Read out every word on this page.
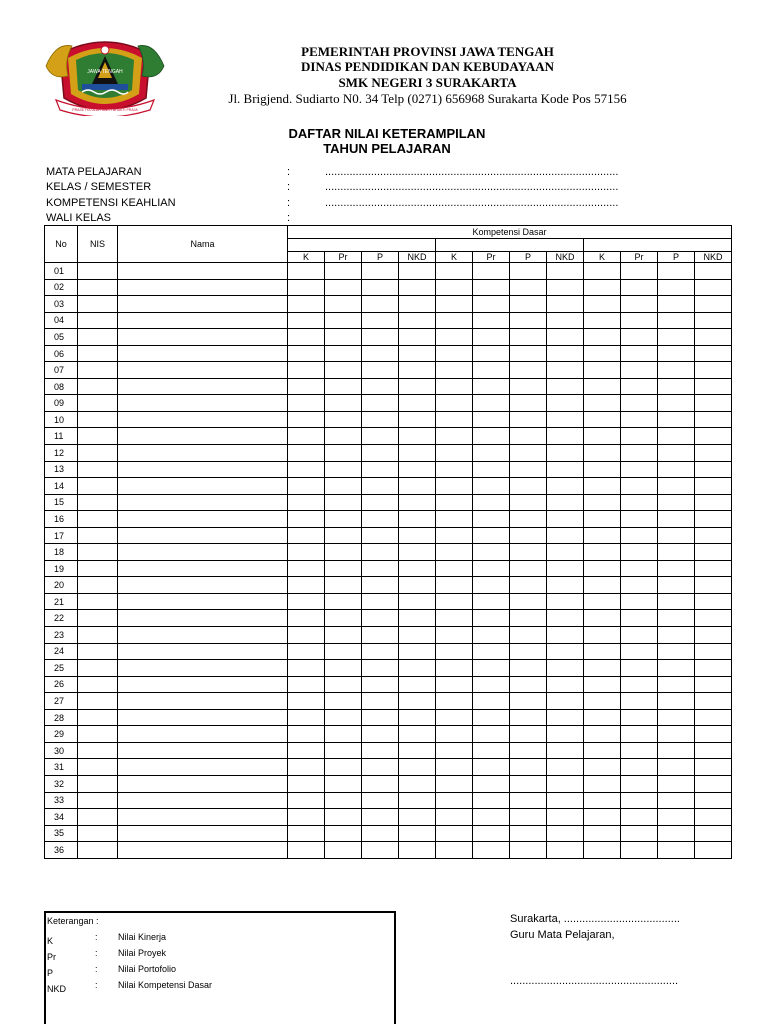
JAWA TENGAH
PRASETYA ULAH SAKTI BHAKTI PRAJA
PEMERINTAH PROVINSI JAWA TENGAH
DINAS PENDIDIKAN DAN KEBUDAYAAN
SMK NEGERI 3 SURAKARTA
Jl. Brigjend. Sudiarto N0. 34 Telp (0271) 656968 Surakarta Kode Pos 57156
DAFTAR NILAI KETERAMPILAN
TAHUN PELAJARAN
MATA PELAJARAN	:	................................................................................................
KELAS / SEMESTER	:	................................................................................................
KOMPETENSI KEAHLIAN	:	................................................................................................
WALI KELAS	:
No	NIS	Nama	Kompetensi Dasar											

			K	Pr	P	NKD	K	Pr	P	NKD	K	Pr	P	NKD
01														
02														
03														
04														
05														
06														
07														
08														
09														
10														
11														
12														
13														
14														
15														
16														
17														
18														
19														
20														
21														
22														
23														
24														
25														
26														
27														
28														
29														
30														
31														
32														
33														
34														
35														
36														
Keterangan :
K	: Nilai Kinerja
Pr	: Nilai Proyek
P	: Nilai Portofolio
NKD	: Nilai Kompetensi Dasar
Surakarta, ......................................
Guru Mata Pelajaran,
.......................................................
